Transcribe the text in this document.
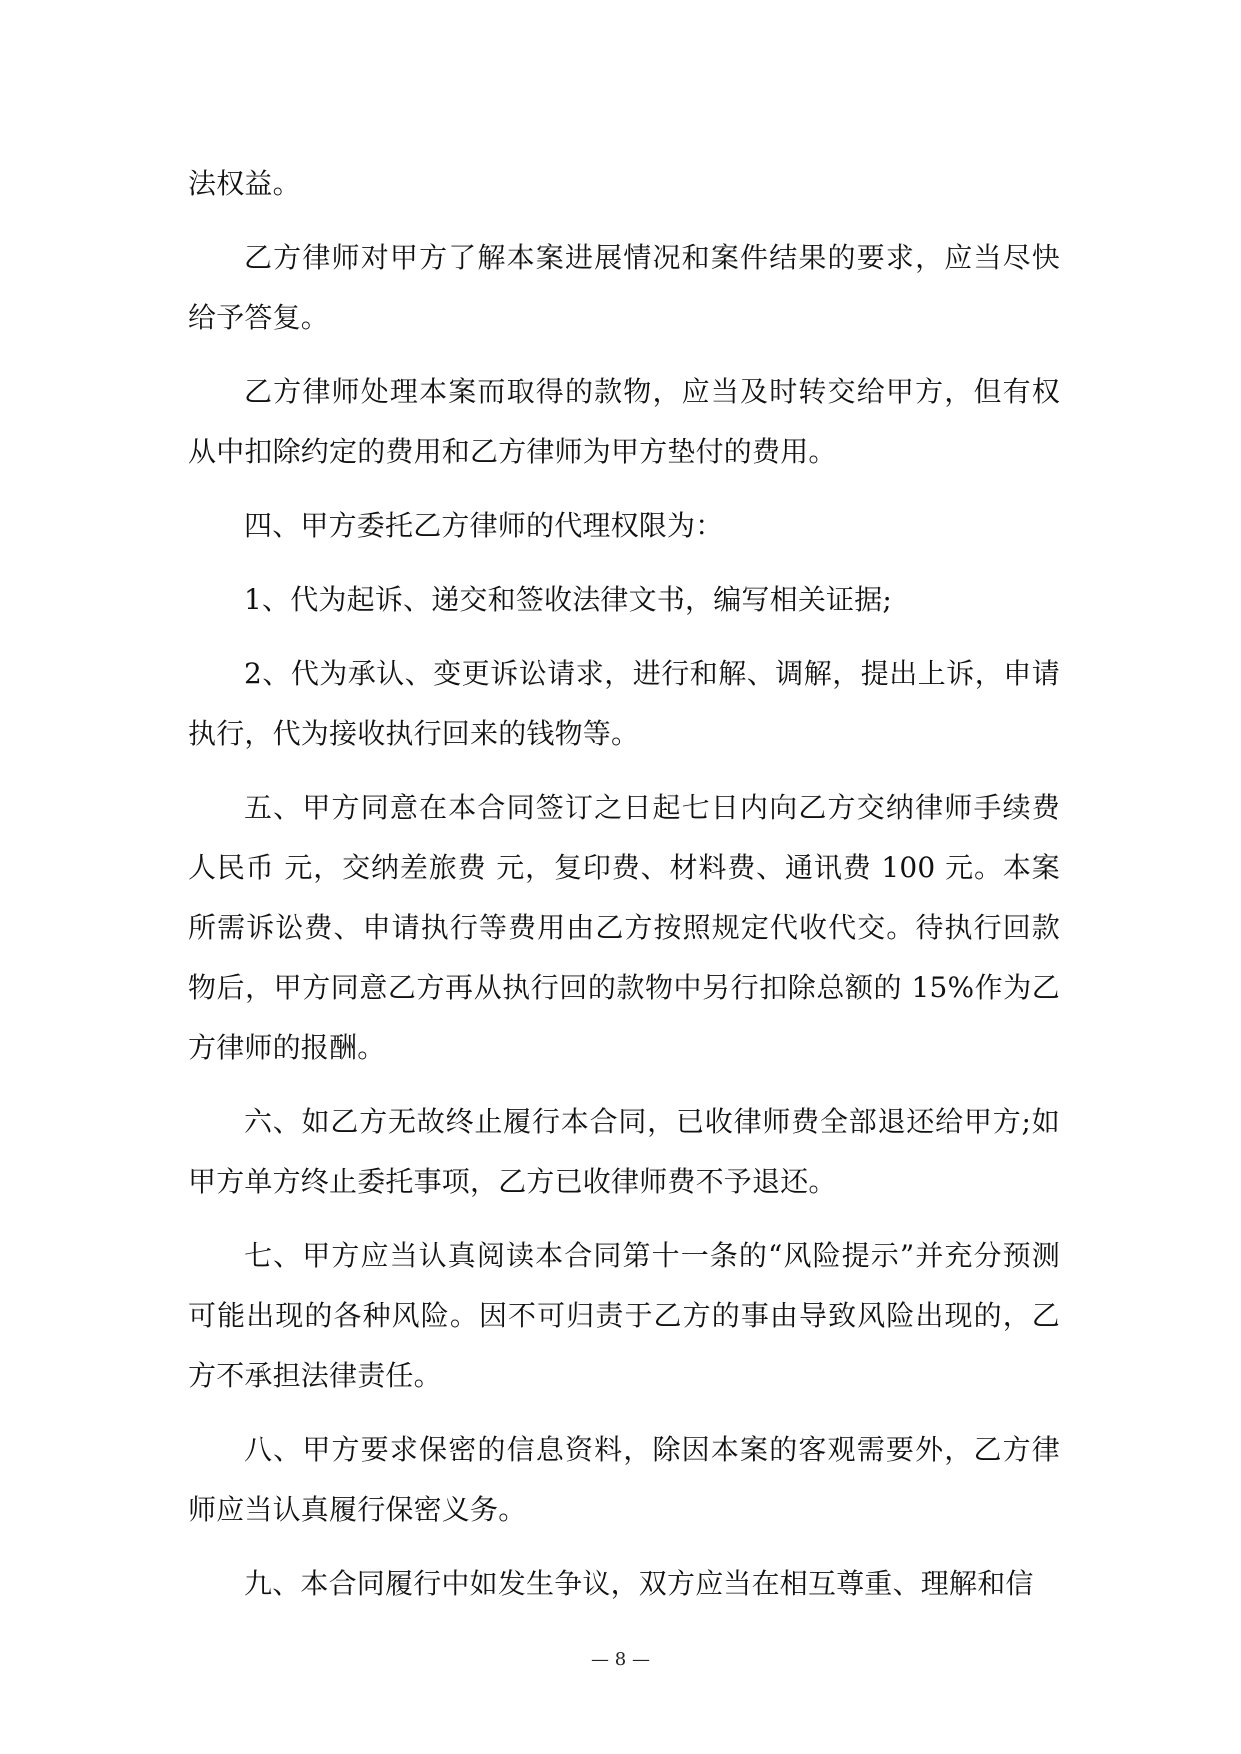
法权益。

乙方律师对甲方了解本案进展情况和案件结果的要求，应当尽快给予答复。

乙方律师处理本案而取得的款物，应当及时转交给甲方，但有权从中扣除约定的费用和乙方律师为甲方垫付的费用。

四、甲方委托乙方律师的代理权限为：

1、代为起诉、递交和签收法律文书，编写相关证据;

2、代为承认、变更诉讼请求，进行和解、调解，提出上诉，申请执行，代为接收执行回来的钱物等。

五、甲方同意在本合同签订之日起七日内向乙方交纳律师手续费人民币 元，交纳差旅费 元，复印费、材料费、通讯费 100 元。本案所需诉讼费、申请执行等费用由乙方按照规定代收代交。待执行回款物后，甲方同意乙方再从执行回的款物中另行扣除总额的 15%作为乙方律师的报酬。

六、如乙方无故终止履行本合同，已收律师费全部退还给甲方;如甲方单方终止委托事项，乙方已收律师费不予退还。

七、甲方应当认真阅读本合同第十一条的“风险提示”并充分预测可能出现的各种风险。因不可归责于乙方的事由导致风险出现的，乙方不承担法律责任。

八、甲方要求保密的信息资料，除因本案的客观需要外，乙方律师应当认真履行保密义务。

九、本合同履行中如发生争议，双方应当在相互尊重、理解和信

— 8 —
